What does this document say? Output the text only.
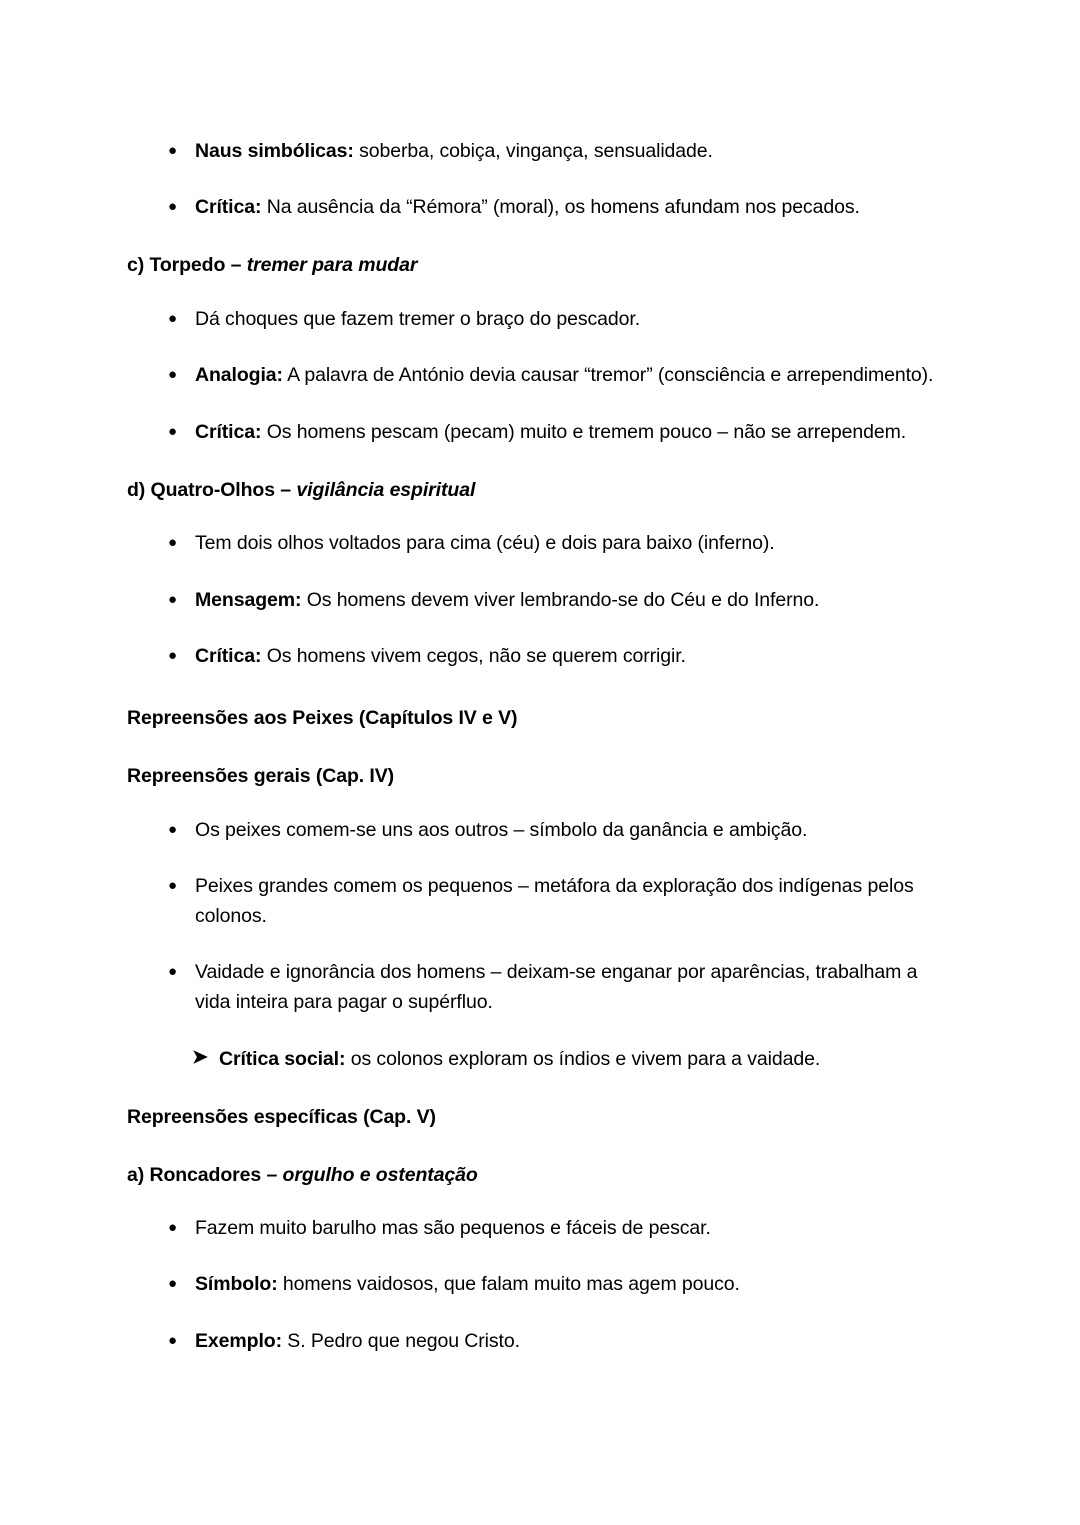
● Naus simbólicas: soberba, cobiça, vingança, sensualidade.
● Crítica: Na ausência da “Rémora” (moral), os homens afundam nos pecados.

c) Torpedo – tremer para mudar

● Dá choques que fazem tremer o braço do pescador.
● Analogia: A palavra de António devia causar “tremor” (consciência e arrependimento).
● Crítica: Os homens pescam (pecam) muito e tremem pouco – não se arrependem.

d) Quatro-Olhos – vigilância espiritual

● Tem dois olhos voltados para cima (céu) e dois para baixo (inferno).
● Mensagem: Os homens devem viver lembrando-se do Céu e do Inferno.
● Crítica: Os homens vivem cegos, não se querem corrigir.

Repreensões aos Peixes (Capítulos IV e V)

Repreensões gerais (Cap. IV)

● Os peixes comem-se uns aos outros – símbolo da ganância e ambição.
● Peixes grandes comem os pequenos – metáfora da exploração dos indígenas pelos colonos.
● Vaidade e ignorância dos homens – deixam-se enganar por aparências, trabalham a vida inteira para pagar o supérfluo.
➤ Crítica social: os colonos exploram os índios e vivem para a vaidade.

Repreensões específicas (Cap. V)

a) Roncadores – orgulho e ostentação

● Fazem muito barulho mas são pequenos e fáceis de pescar.
● Símbolo: homens vaidosos, que falam muito mas agem pouco.
● Exemplo: S. Pedro que negou Cristo.
